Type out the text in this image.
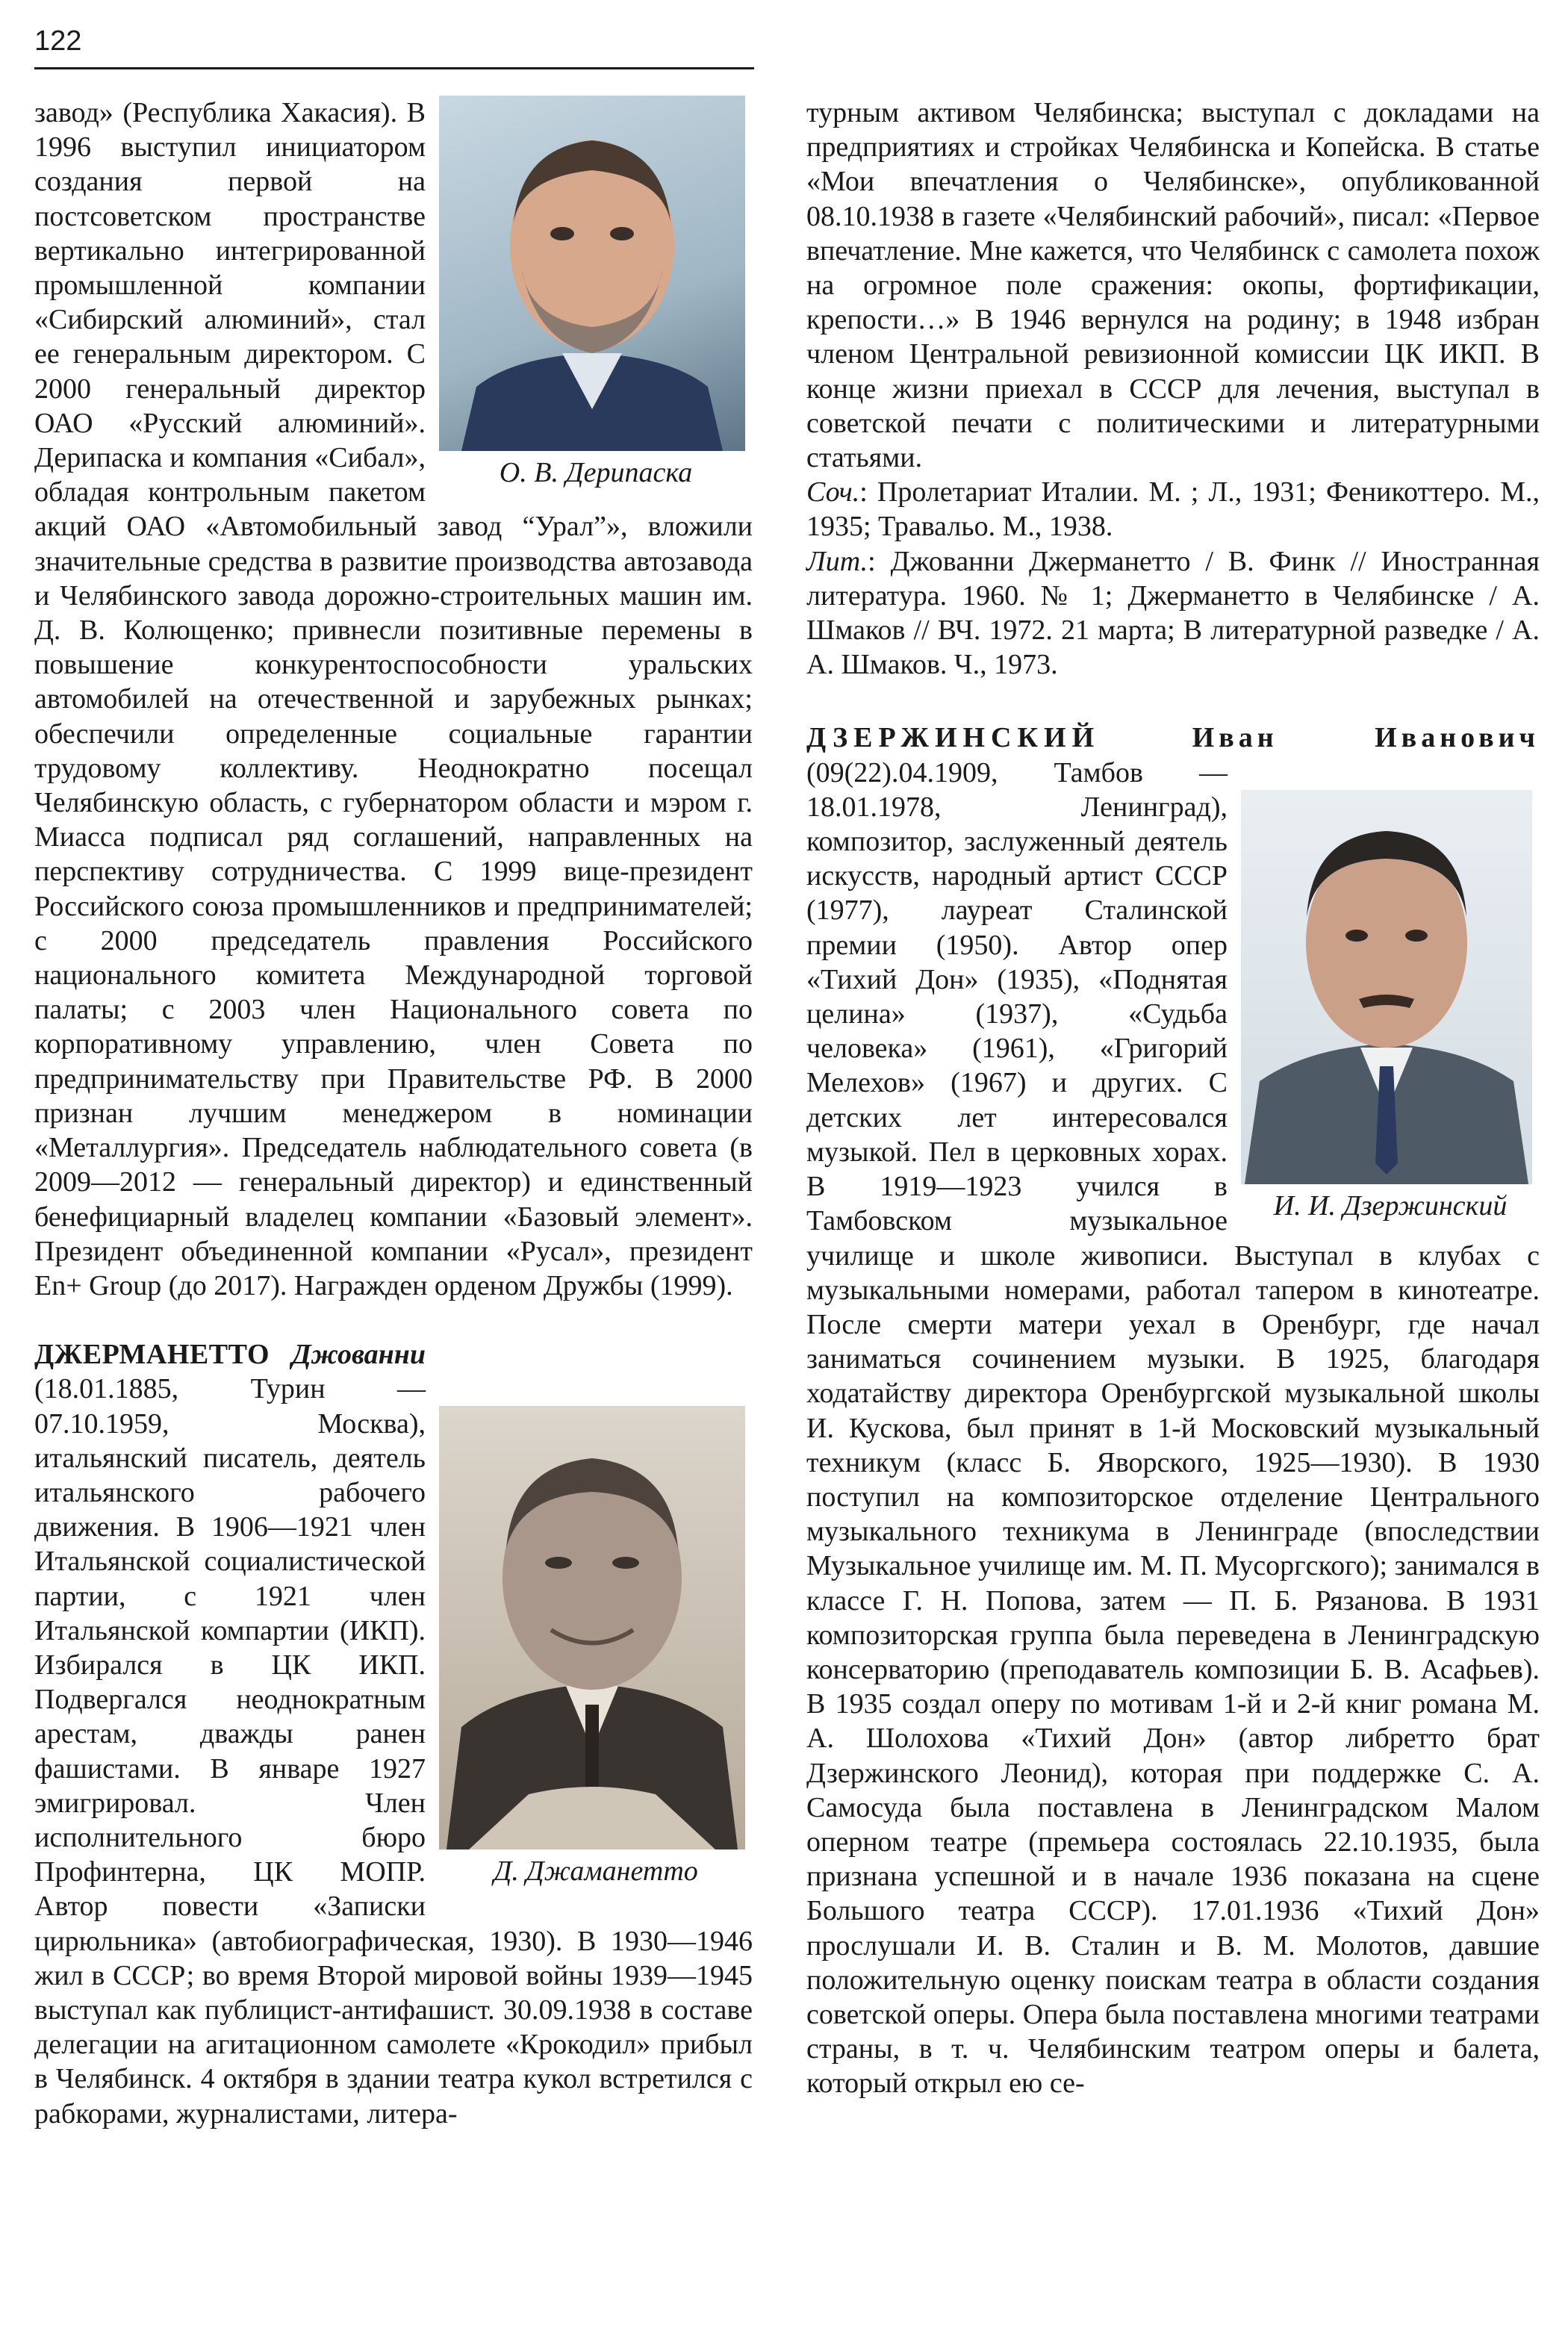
122
О. В. Дерипаска

завод» (Республика Хакасия). В 1996 выступил инициатором создания первой на постсоветском пространстве вертикально интегрированной промышленной компании «Сибирский алюминий», стал ее генеральным директором. С 2000 генеральный директор ОАО «Русский алюминий». Дерипаска и компания «Сибал», обладая контрольным пакетом акций ОАО «Автомобильный завод “Урал”», вложили значительные средства в развитие производства автозавода и Челябинского завода дорожно-строительных машин им. Д. В. Колющенко; привнесли позитивные перемены в повышение конкурентоспособности уральских автомобилей на отечественной и зарубежных рынках; обеспечили определенные социальные гарантии трудовому коллективу. Неоднократно посещал Челябинскую область, с губернатором области и мэром г. Миасса подписал ряд соглашений, направленных на перспективу сотрудничества. С 1999 вице-президент Российского союза промышленников и предпринимателей; с 2000 председатель правления Российского национального комитета Международной торговой палаты; с 2003 член Национального совета по корпоративному управлению, член Совета по предпринимательству при Правительстве РФ. В 2000 признан лучшим менеджером в номинации «Металлургия». Председатель наблюдательного совета (в 2009—2012 — генеральный директор) и единственный бенефициарный владелец компании «Базовый элемент». Президент объединенной компании «Русал», президент En+ Group (до 2017). Награжден орденом Дружбы (1999).

Д. Джаманетто

ДЖЕРМАНЕТТО Джованни (18.01.1885, Турин — 07.10.1959, Москва), итальянский писатель, деятель итальянского рабочего движения. В 1906—1921 член Итальянской социалистической партии, с 1921 член Итальянской компартии (ИКП). Избирался в ЦК ИКП. Подвергался неоднократным арестам, дважды ранен фашистами. В январе 1927 эмигрировал. Член исполнительного бюро Профинтерна, ЦК МОПР. Автор повести «Записки цирюльника» (автобиографическая, 1930). В 1930—1946 жил в СССР; во время Второй мировой войны 1939—1945 выступал как публицист-антифашист. 30.09.1938 в составе делегации на агитационном самолете «Крокодил» прибыл в Челябинск. 4 октября в здании театра кукол встретился с рабкорами, журналистами, литера-

турным активом Челябинска; выступал с докладами на предприятиях и стройках Челябинска и Копейска. В статье «Мои впечатления о Челябинске», опубликованной 08.10.1938 в газете «Челябинский рабочий», писал: «Первое впечатление. Мне кажется, что Челябинск с самолета похож на огромное поле сражения: окопы, фортификации, крепости…» В 1946 вернулся на родину; в 1948 избран членом Центральной ревизионной комиссии ЦК ИКП. В конце жизни приехал в СССР для лечения, выступал в советской печати с политическими и литературными статьями.

Соч.: Пролетариат Италии. М. ; Л., 1931; Феникоттеро. М., 1935; Травальо. М., 1938.

Лит.: Джованни Джерманетто / В. Финк // Иностранная литература. 1960. № 1; Джерманетто в Челябинске / А. Шмаков // ВЧ. 1972. 21 марта; В литературной разведке / А. А. Шмаков. Ч., 1973.

ДЗЕРЖИНСКИЙ	Иван Иванович

И. И. Дзержинский

(09(22).04.1909, Тамбов — 18.01.1978, Ленинград), композитор, заслуженный деятель искусств, народный артист СССР (1977), лауреат Сталинской премии (1950). Автор опер «Тихий Дон» (1935), «Поднятая целина» (1937), «Судьба человека» (1961), «Григорий Мелехов» (1967) и других. С детских лет интересовался музыкой. Пел в церковных хорах. В 1919—1923 учился в Тамбовском музыкальное училище и школе живописи. Выступал в клубах с музыкальными номерами, работал тапером в кинотеатре. После смерти матери уехал в Оренбург, где начал заниматься сочинением музыки. В 1925, благодаря ходатайству директора Оренбургской музыкальной школы И. Кускова, был принят в 1-й Московский музыкальный техникум (класс Б. Яворского, 1925—1930). В 1930 поступил на композиторское отделение Центрального музыкального техникума в Ленинграде (впоследствии Музыкальное училище им. М. П. Мусоргского); занимался в классе Г. Н. Попова, затем — П. Б. Рязанова. В 1931 композиторская группа была переведена в Ленинградскую консерваторию (преподаватель композиции Б. В. Асафьев). В 1935 создал оперу по мотивам 1-й и 2-й книг романа М. А. Шолохова «Тихий Дон» (автор либретто брат Дзержинского Леонид), которая при поддержке С. А. Самосуда была поставлена в Ленинградском Малом оперном театре (премьера состоялась 22.10.1935, была признана успешной и в начале 1936 показана на сцене Большого театра СССР). 17.01.1936 «Тихий Дон» прослушали И. В. Сталин и В. М. Молотов, давшие положительную оценку поискам театра в области создания советской оперы. Опера была поставлена многими театрами страны, в т. ч. Челябинским театром оперы и балета, который открыл ею се-
